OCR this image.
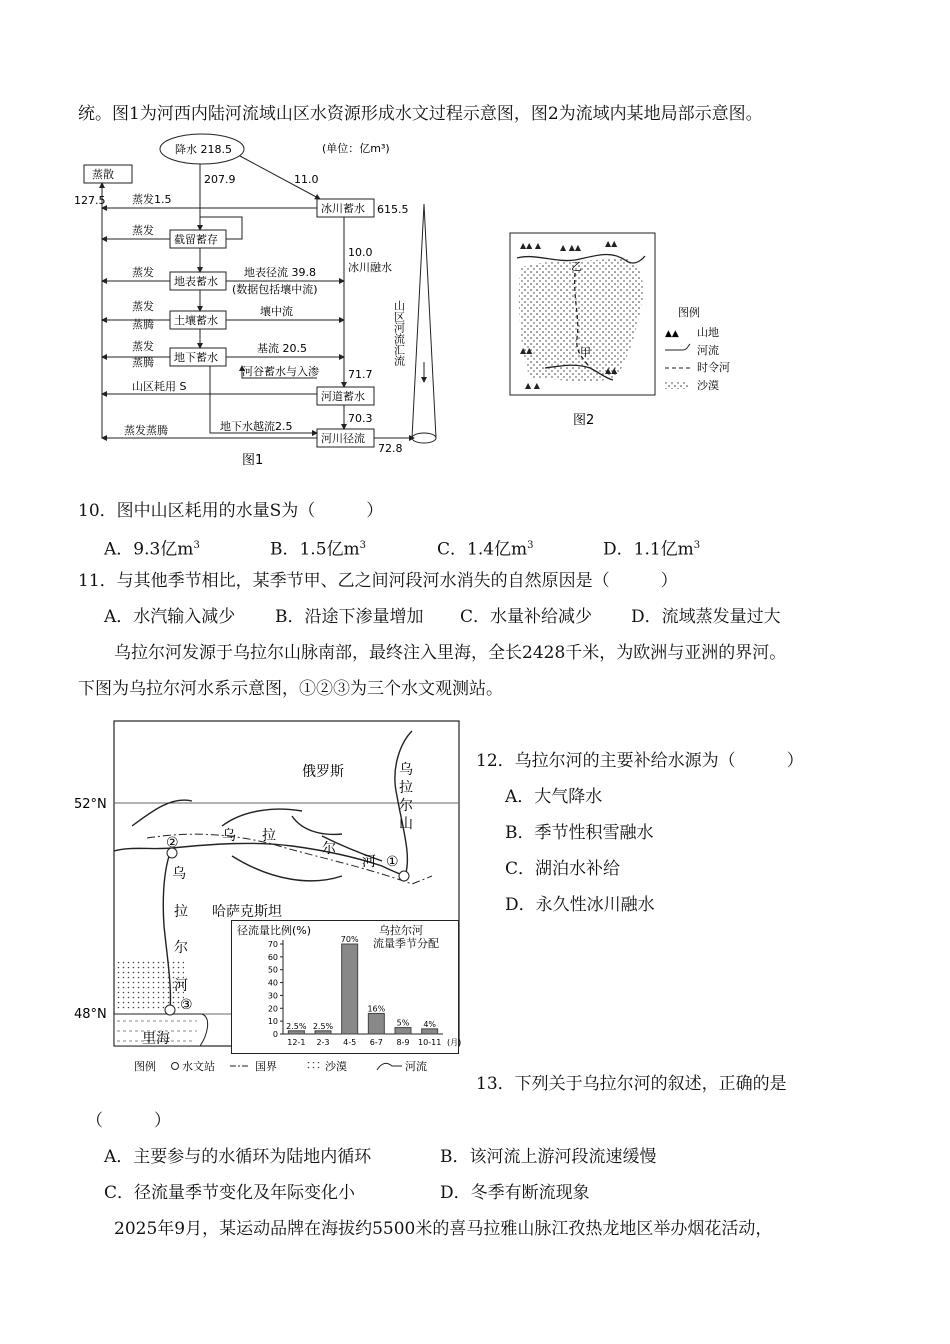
统。图1为河西内陆河流域山区水资源形成水文过程示意图，图2为流域内某地局部示意图。
降水 218.5	(单位：亿m³)
蒸散
127.5
207.9	11.0
蒸发1.5
冰川蓄水 615.5
蒸发
截留蓄存
10.0
冰川融水
蒸发
地表蓄水
地表径流 39.8
(数据包括壤中流)
蒸发
蒸腾 土壤蓄水
壤中流
蒸发
蒸腾 地下蓄水
基流 20.5
河谷蓄水与入渗
山区耗用 S
71.7
河道蓄水
70.3
蒸发蒸腾	地下水越流2.5
河川径流
72.8
山区河流汇流
图1
▲▲ ▲ ▲ ▲▲	▲▲
▲▲
▲ ▲
▲▲
乙
甲
图例
▲▲ 山地
河流
时令河
沙漠
图2
10．图中山区耗用的水量S为（　　　）
A．9.3亿$m^3$	B．1.5亿$m^3$	C．1.4亿$m^3$	D．1.1亿$m^3$
11．与其他季节相比，某季节甲、乙之间河段河水消失的自然原因是（　　　）
A．水汽输入减少 B．沿途下渗量增加 C．水量补给减少 D．流域蒸发量过大
乌拉尔河发源于乌拉尔山脉南部，最终注入里海，全长2428千米，为欧洲与亚洲的界河。
下图为乌拉尔河水系示意图，①②③为三个水文观测站。
俄罗斯
哈萨克斯坦
乌
拉
尔
山
52°N
48°N
乌 拉
尔
河
乌
拉
尔
河
①
②
③
里海
图例 水文站	国界	沙漠	河流
径流量比例(%)	乌拉尔河
流量季节分配
0
10
20
30
40
50
60
70
2.5%
12-1
2.5%
2-3
70%
4-5
16%
6-7
5%
8-9
4%
10-11 (月)
12．乌拉尔河的主要补给水源为（　　　）
A．大气降水
B．季节性积雪融水
C．湖泊水补给
D．永久性冰川融水
13．下列关于乌拉尔河的叙述，正确的是
（　　　）
A．主要参与的水循环为陆地内循环	B．该河流上游河段流速缓慢
C．径流量季节变化及年际变化小	D．冬季有断流现象
2025年9月，某运动品牌在海拔约5500米的喜马拉雅山脉江孜热龙地区举办烟花活动，
